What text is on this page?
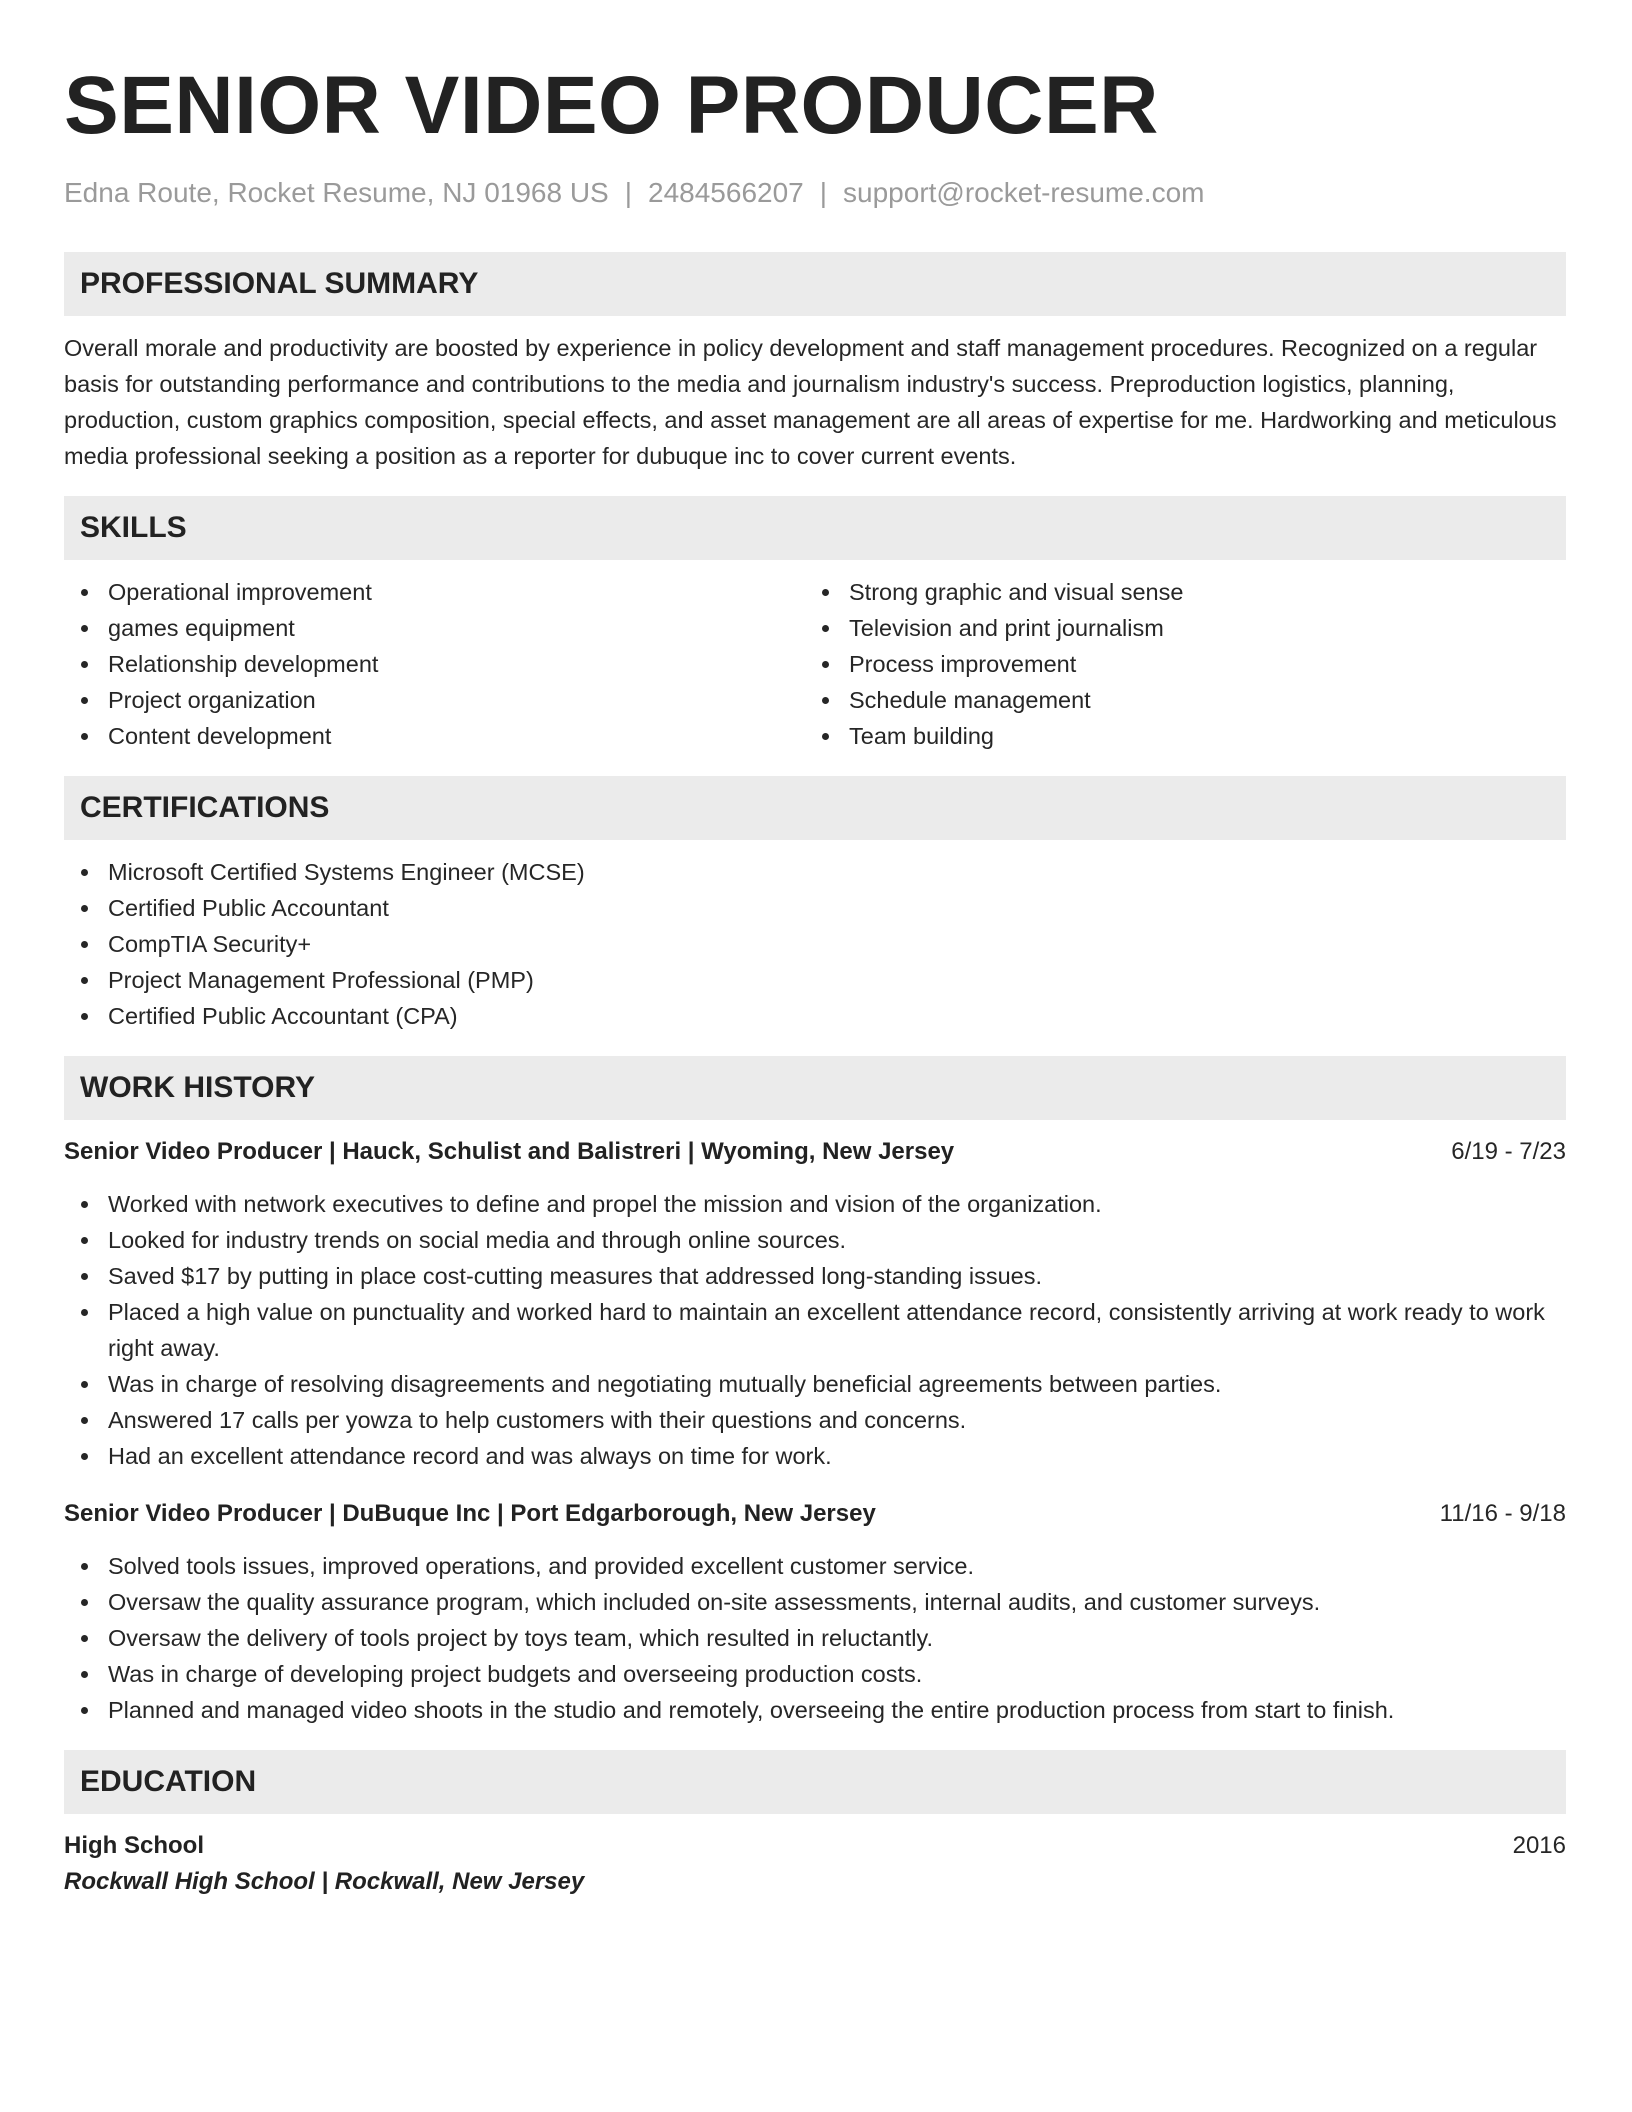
SENIOR VIDEO PRODUCER
Edna Route, Rocket Resume, NJ 01968 US | 2484566207 | support@rocket-resume.com
PROFESSIONAL SUMMARY
Overall morale and productivity are boosted by experience in policy development and staff management procedures. Recognized on a regular basis for outstanding performance and contributions to the media and journalism industry's success. Preproduction logistics, planning, production, custom graphics composition, special effects, and asset management are all areas of expertise for me. Hardworking and meticulous media professional seeking a position as a reporter for dubuque inc to cover current events.
SKILLS
Operational improvement
games equipment
Relationship development
Project organization
Content development
Strong graphic and visual sense
Television and print journalism
Process improvement
Schedule management
Team building
CERTIFICATIONS
Microsoft Certified Systems Engineer (MCSE)
Certified Public Accountant
CompTIA Security+
Project Management Professional (PMP)
Certified Public Accountant (CPA)
WORK HISTORY
Senior Video Producer | Hauck, Schulist and Balistreri | Wyoming, New Jersey	6/19 - 7/23
Worked with network executives to define and propel the mission and vision of the organization.
Looked for industry trends on social media and through online sources.
Saved $17 by putting in place cost-cutting measures that addressed long-standing issues.
Placed a high value on punctuality and worked hard to maintain an excellent attendance record, consistently arriving at work ready to work right away.
Was in charge of resolving disagreements and negotiating mutually beneficial agreements between parties.
Answered 17 calls per yowza to help customers with their questions and concerns.
Had an excellent attendance record and was always on time for work.
Senior Video Producer | DuBuque Inc | Port Edgarborough, New Jersey	11/16 - 9/18
Solved tools issues, improved operations, and provided excellent customer service.
Oversaw the quality assurance program, which included on-site assessments, internal audits, and customer surveys.
Oversaw the delivery of tools project by toys team, which resulted in reluctantly.
Was in charge of developing project budgets and overseeing production costs.
Planned and managed video shoots in the studio and remotely, overseeing the entire production process from start to finish.
EDUCATION
High School	2016
Rockwall High School | Rockwall, New Jersey
